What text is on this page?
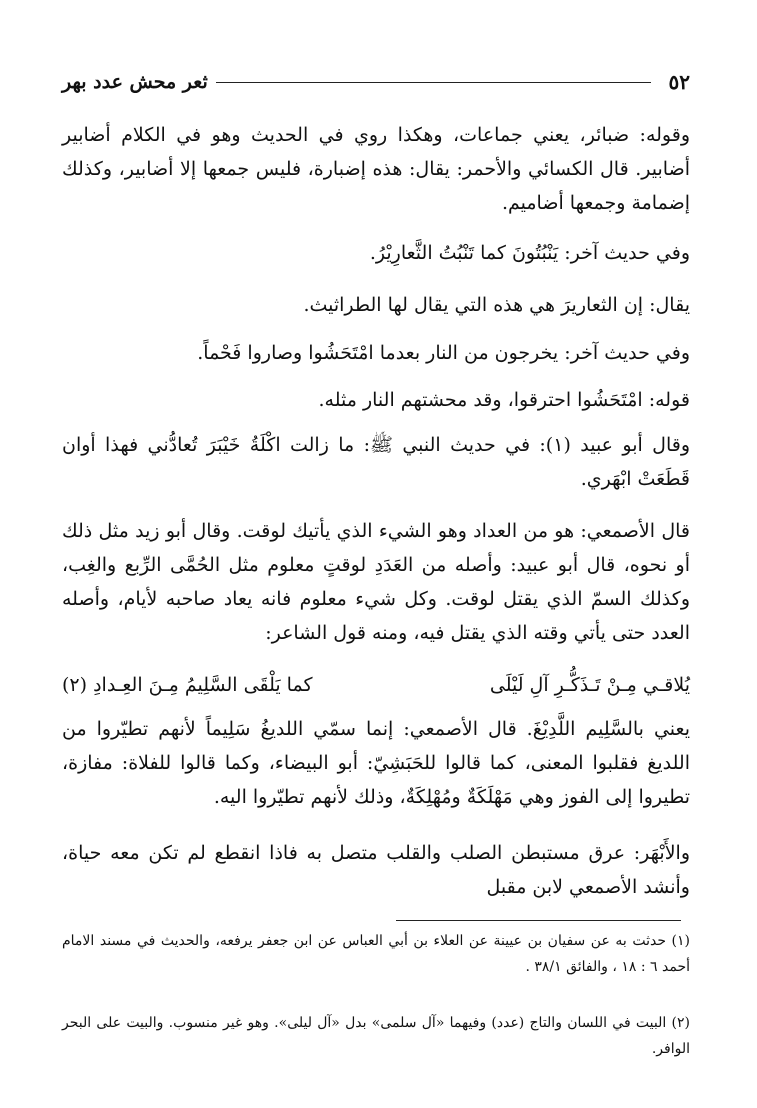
٥٢
ثعر محش عدد بهر
وقوله: ضبائر، يعني جماعات، وهكذا روي في الحديث وهو في الكلام أضابير أضابير. قال الكسائي والأحمر: يقال: هذه إضبارة، فليس جمعها إلا أضابير، وكذلك إضمامة وجمعها أضاميم.
وفي حديث آخر: يَنْبُتُونَ كما تَنْبُتُ الثَّعارِيْرُ.
يقال: إن الثعاريرَ هي هذه التي يقال لها الطراثيث.
وفي حديث آخر: يخرجون من النار بعدما امْتَحَشُوا وصاروا فَحْماً.
قوله: امْتَحَشُوا احترقوا، وقد محشتهم النار مثله.
وقال أبو عبيد (١): في حديث النبي ﷺ: ما زالت اكْلَةُ خَيْبَرَ تُعادُّني فهذا أوان قَطَعَتْ ابْهَري.
قال الأصمعي: هو من العداد وهو الشيء الذي يأتيك لوقت. وقال أبو زيد مثل ذلك أو نحوه، قال أبو عبيد: وأصله من العَدَدِ لوقتٍ معلوم مثل الحُمَّى الرِّبع والغِب، وكذلك السمّ الذي يقتل لوقت. وكل شيء معلوم فانه يعاد صاحبه لأيام، وأصله العدد حتى يأتي وقته الذي يقتل فيه، ومنه قول الشاعر:
يُلاقـي مِـنْ تَـذَكُّـرِ آلِ لَيْلَى
كما يَلْقَى السَّلِيمُ مِـنَ العِـدادِ (٢)
يعني بالسَّلِيم اللَّدِيْغَ. قال الأصمعي: إنما سمّي اللديغُ سَلِيماً لأنهم تطيّروا من اللديغ فقلبوا المعنى، كما قالوا للحَبَشِيّ: أبو البيضاء، وكما قالوا للفلاة: مفازة، تطيروا إلى الفوز وهي مَهْلَكَةٌ ومُهْلِكَةٌ، وذلك لأنهم تطيّروا اليه.
والأَبْهَر: عرق مستبطن الصلب والقلب متصل به فاذا انقطع لم تكن معه حياة، وأنشد الأصمعي لابن مقبل
(١) حدثت به عن سفيان بن عيينة عن العلاء بن أبي العباس عن ابن جعفر يرفعه، والحديث في مسند الامام أحمد ٦ : ١٨ ، والفائق ٣٨/١ .
(٢) البيت في اللسان والتاج (عدد) وفيهما «آل سلمى» بدل «آل ليلى». وهو غير منسوب. والبيت على البحر الوافر.
